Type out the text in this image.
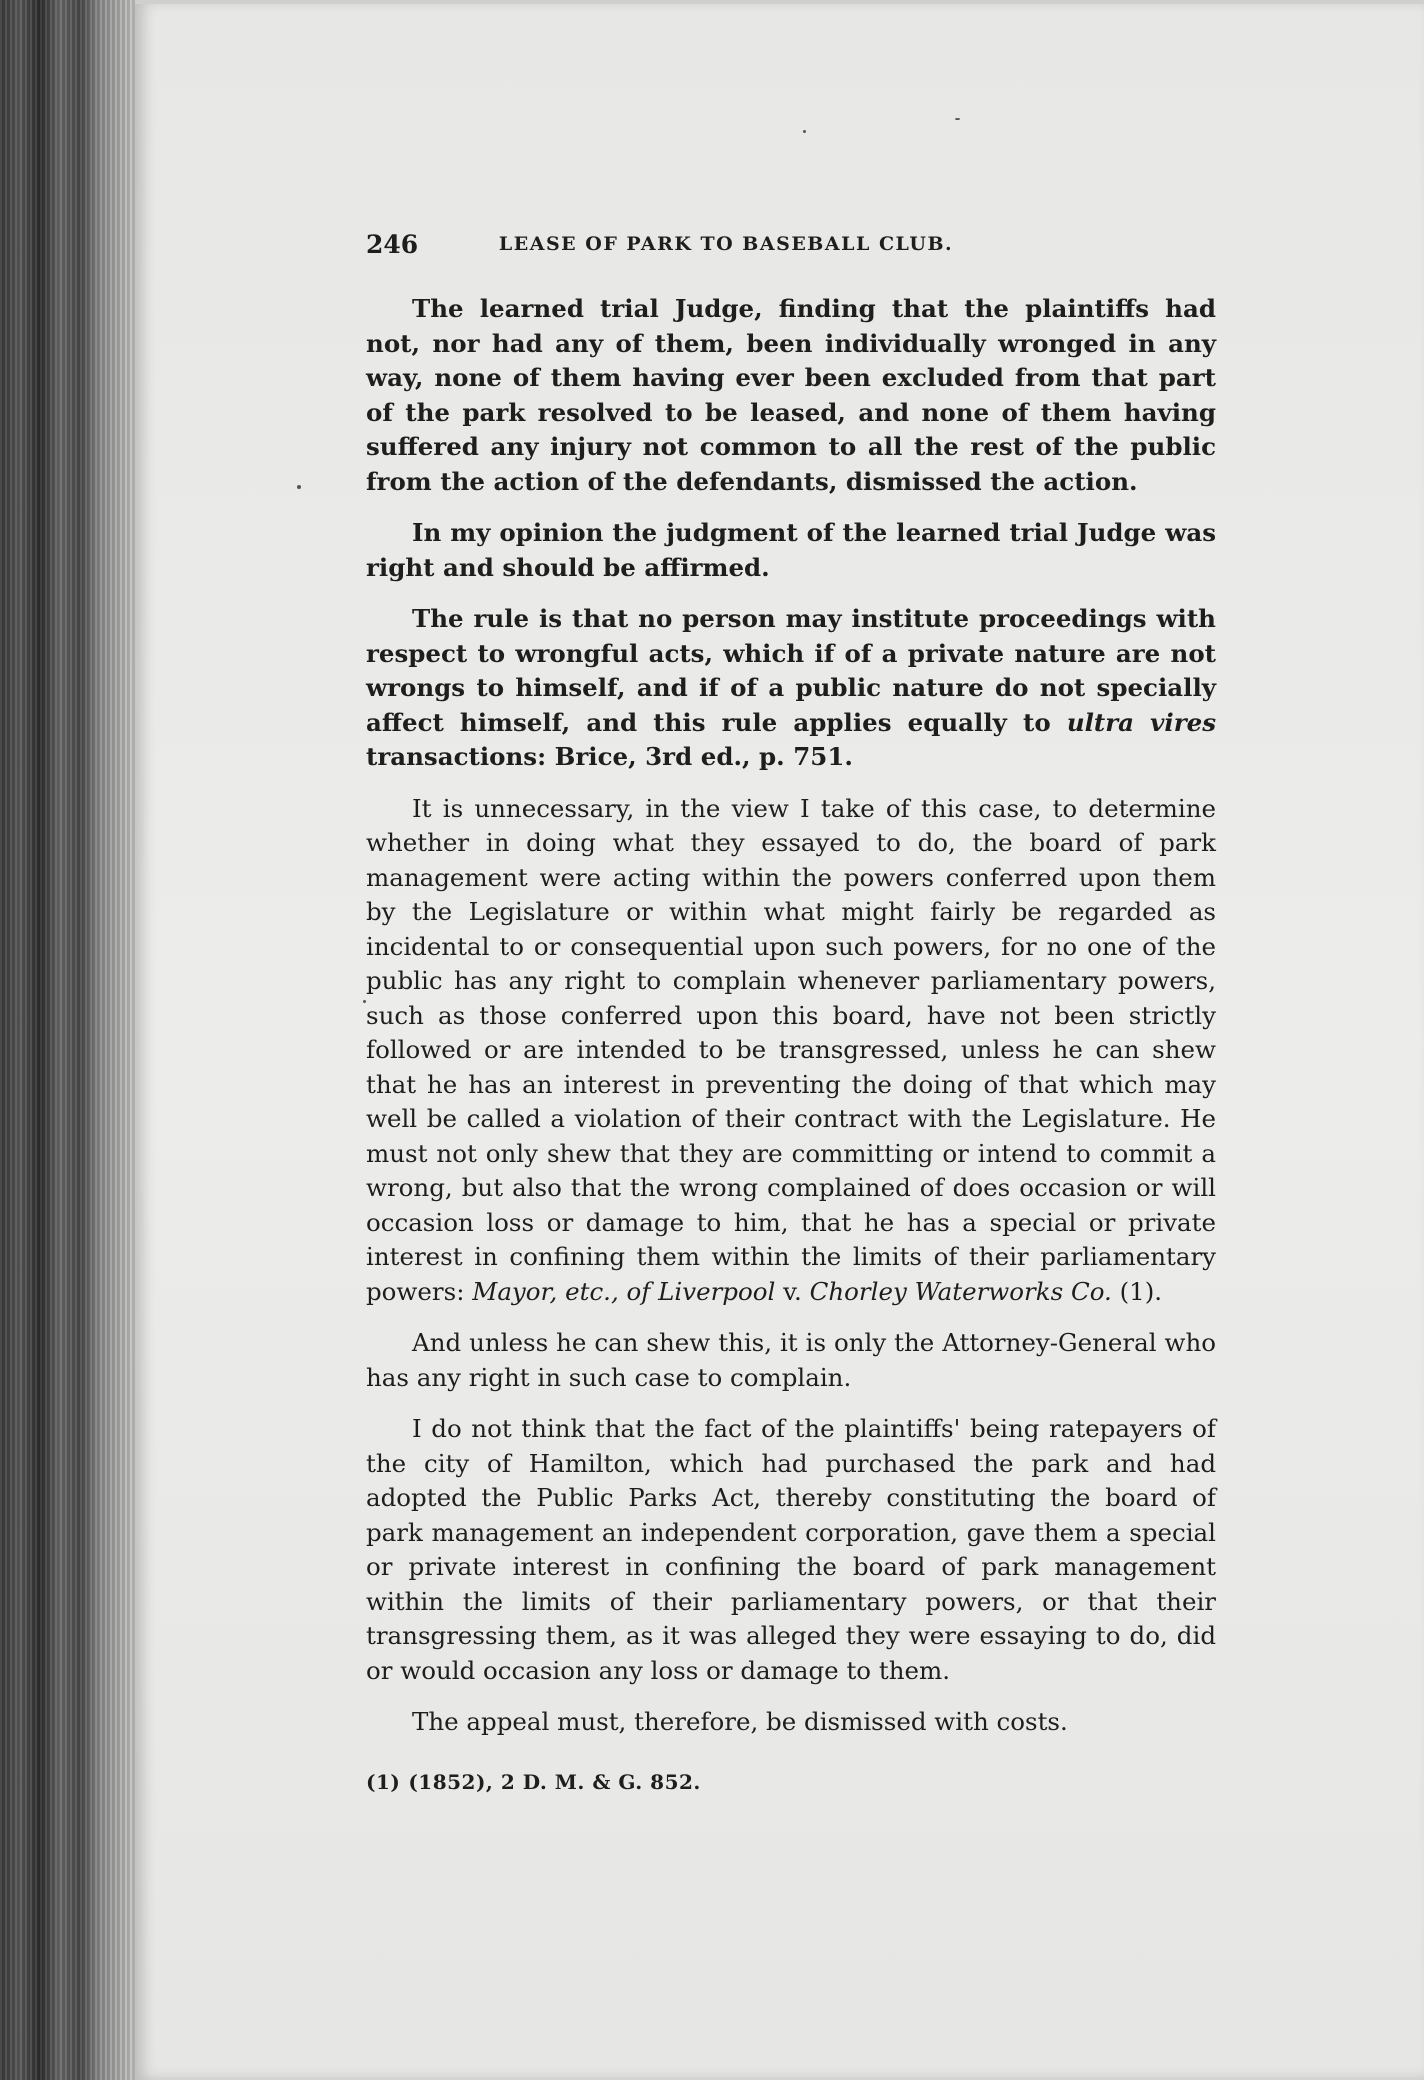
246	LEASE OF PARK TO BASEBALL CLUB.

The learned trial Judge, finding that the plaintiffs had not, nor had any of them, been individually wronged in any way, none of them having ever been excluded from that part of the park resolved to be leased, and none of them having suffered any injury not common to all the rest of the public from the action of the defendants, dismissed the action.

In my opinion the judgment of the learned trial Judge was right and should be affirmed.

The rule is that no person may institute proceedings with respect to wrongful acts, which if of a private nature are not wrongs to himself, and if of a public nature do not specially affect himself, and this rule applies equally to ultra vires transactions: Brice, 3rd ed., p. 751.

It is unnecessary, in the view I take of this case, to determine whether in doing what they essayed to do, the board of park management were acting within the powers conferred upon them by the Legislature or within what might fairly be regarded as incidental to or consequential upon such powers, for no one of the public has any right to complain whenever parliamentary powers, such as those conferred upon this board, have not been strictly followed or are intended to be transgressed, unless he can shew that he has an interest in preventing the doing of that which may well be called a violation of their contract with the Legislature. He must not only shew that they are committing or intend to commit a wrong, but also that the wrong complained of does occasion or will occasion loss or damage to him, that he has a special or private interest in confining them within the limits of their parliamentary powers: Mayor, etc., of Liverpool v. Chorley Waterworks Co. (1).

And unless he can shew this, it is only the Attorney-General who has any right in such case to complain.

I do not think that the fact of the plaintiffs' being ratepayers of the city of Hamilton, which had purchased the park and had adopted the Public Parks Act, thereby constituting the board of park management an independent corporation, gave them a special or private interest in confining the board of park management within the limits of their parliamentary powers, or that their transgressing them, as it was alleged they were essaying to do, did or would occasion any loss or damage to them.

The appeal must, therefore, be dismissed with costs.

(1) (1852), 2 D. M. & G. 852.
